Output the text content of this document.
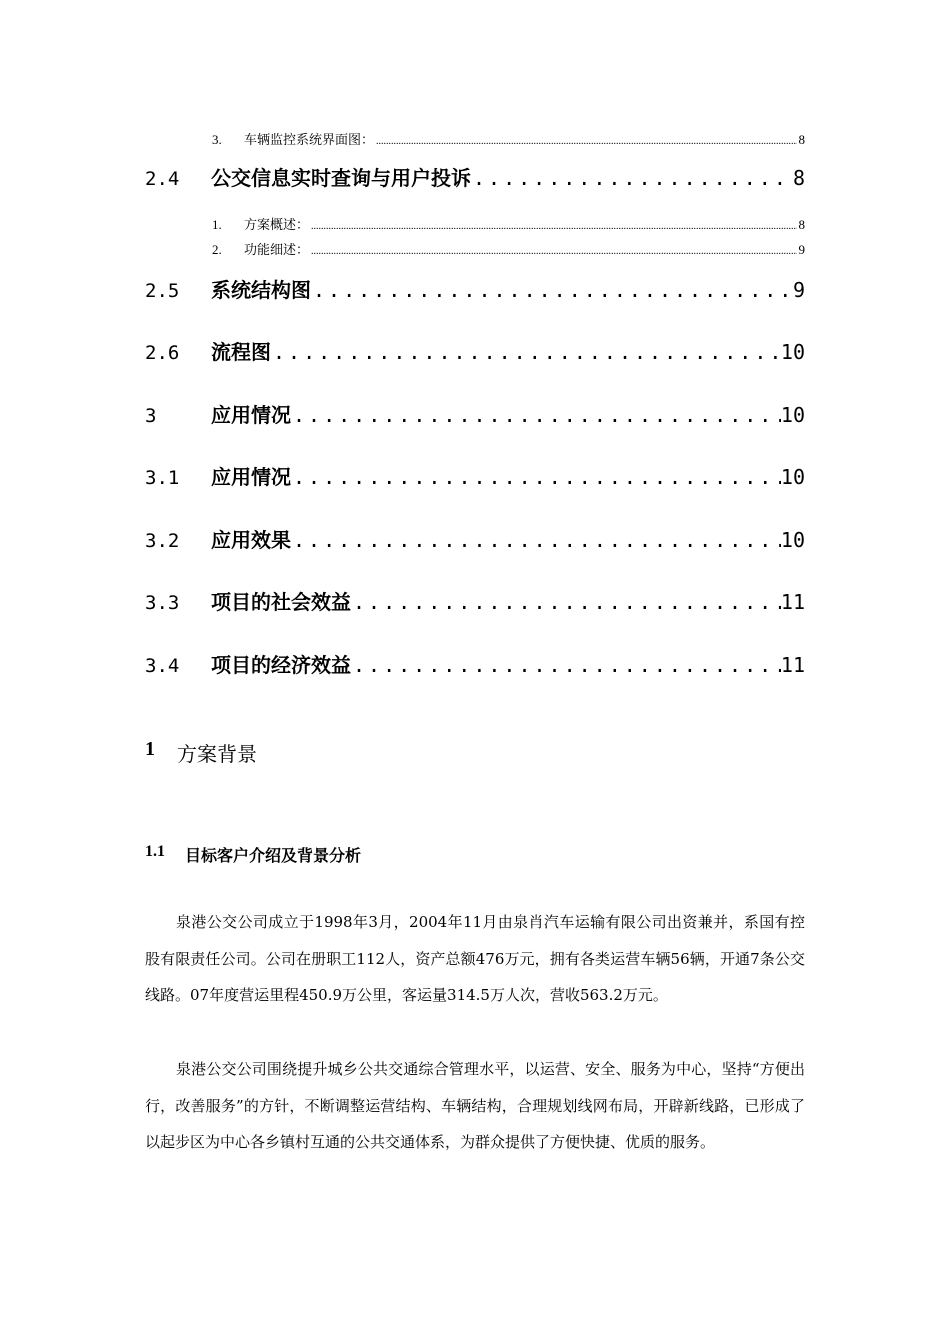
3.	车辆监控系统界面图： .....	8
2.4	公交信息实时查询与用户投诉 .....	8
1.	方案概述： .....	8
2.	功能细述： .....	9
2.5	系统结构图 .....	9
2.6	流程图 .....	10
3	应用情况 .....	10
3.1	应用情况 .....	10
3.2	应用效果 .....	10
3.3	项目的社会效益 .....	11
3.4	项目的经济效益 .....	11
1	方案背景
1.1	目标客户介绍及背景分析

泉港公交公司成立于1998年3月，2004年11月由泉肖汽车运输有限公司出资兼并，系国有控股有限责任公司。公司在册职工112人，资产总额476万元，拥有各类运营车辆56辆，开通7条公交线路。07年度营运里程450.9万公里，客运量314.5万人次，营收563.2万元。

泉港公交公司围绕提升城乡公共交通综合管理水平，以运营、安全、服务为中心，坚持“方便出行，改善服务”的方针，不断调整运营结构、车辆结构，合理规划线网布局，开辟新线路，已形成了以起步区为中心各乡镇村互通的公共交通体系，为群众提供了方便快捷、优质的服务。
